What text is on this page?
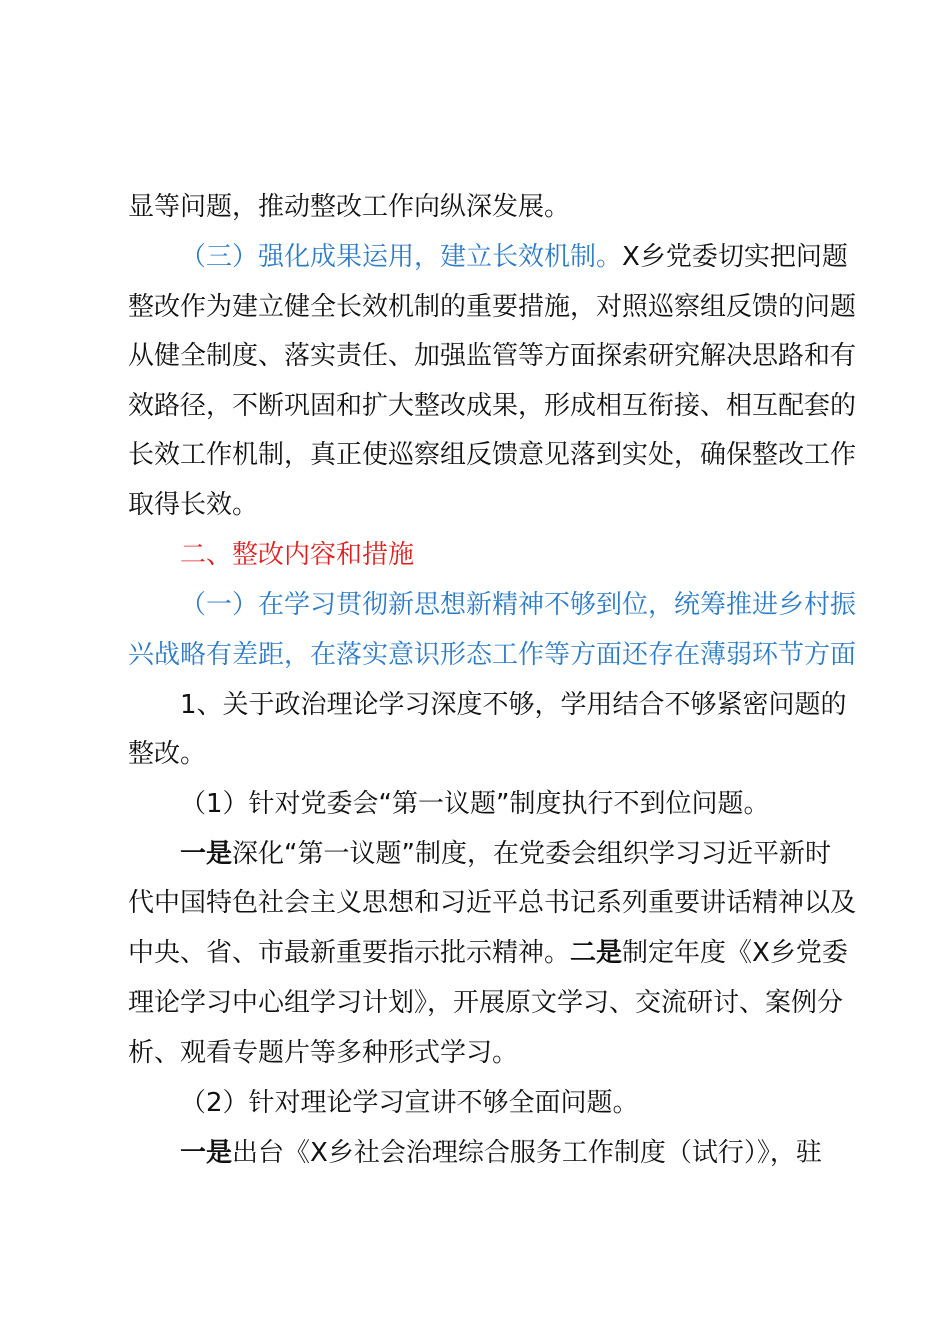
显等问题，推动整改工作向纵深发展。
（三）强化成果运用，建立长效机制。X乡党委切实把问题
整改作为建立健全长效机制的重要措施，对照巡察组反馈的问题
从健全制度、落实责任、加强监管等方面探索研究解决思路和有
效路径，不断巩固和扩大整改成果，形成相互衔接、相互配套的
长效工作机制，真正使巡察组反馈意见落到实处，确保整改工作
取得长效。
二、整改内容和措施
（一）在学习贯彻新思想新精神不够到位，统筹推进乡村振
兴战略有差距，在落实意识形态工作等方面还存在薄弱环节方面
1、关于政治理论学习深度不够，学用结合不够紧密问题的
整改。
（1）针对党委会“第一议题”制度执行不到位问题。
一是深化“第一议题”制度，在党委会组织学习习近平新时
代中国特色社会主义思想和习近平总书记系列重要讲话精神以及
中央、省、市最新重要指示批示精神。二是制定年度《X乡党委
理论学习中心组学习计划》，开展原文学习、交流研讨、案例分
析、观看专题片等多种形式学习。
（2）针对理论学习宣讲不够全面问题。
一是出台《X乡社会治理综合服务工作制度（试行）》，驻
